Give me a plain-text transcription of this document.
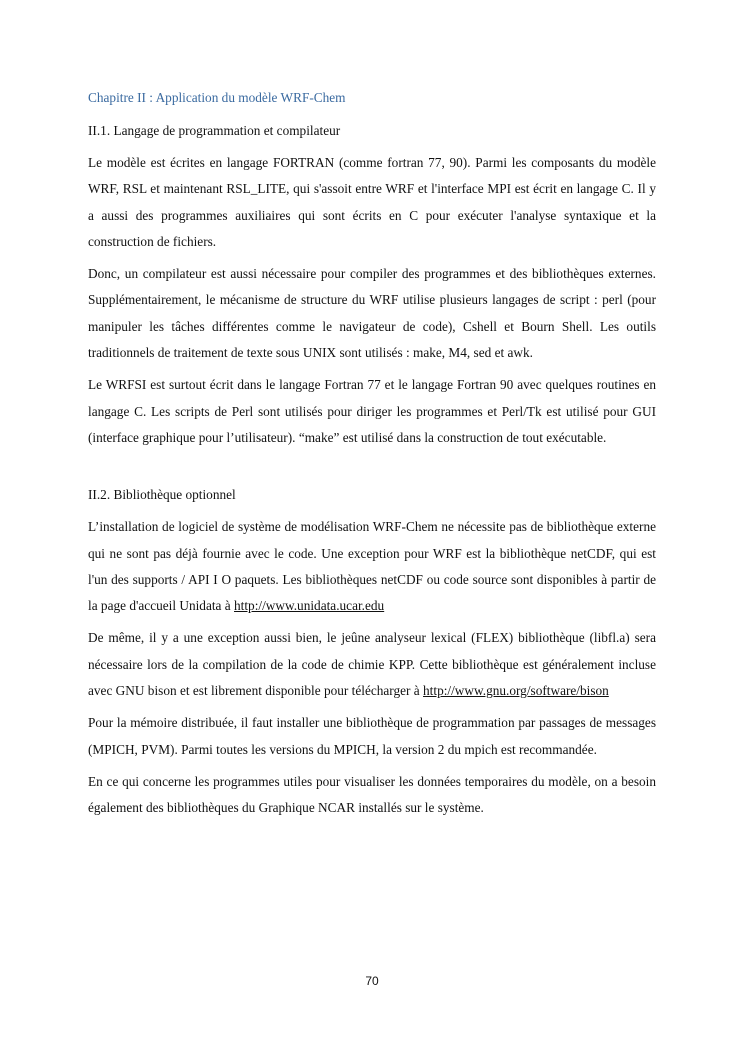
Chapitre II : Application du modèle WRF-Chem
II.1. Langage de programmation et compilateur

Le modèle est écrites en langage FORTRAN (comme fortran 77, 90). Parmi les composants du modèle WRF, RSL et maintenant RSL_LITE, qui s'assoit entre WRF et l'interface MPI est écrit en langage C. Il y a aussi des programmes auxiliaires qui sont écrits en C pour exécuter l'analyse syntaxique et la construction de fichiers.

Donc, un compilateur est aussi nécessaire pour compiler des programmes et des bibliothèques externes. Supplémentairement, le mécanisme de structure du WRF utilise plusieurs langages de script : perl (pour manipuler les tâches différentes comme le navigateur de code), Cshell et Bourn Shell. Les outils traditionnels de traitement de texte sous UNIX sont utilisés : make, M4, sed et awk.

Le WRFSI est surtout écrit dans le langage Fortran 77 et le langage Fortran 90 avec quelques routines en langage C. Les scripts de Perl sont utilisés pour diriger les programmes et Perl/Tk est utilisé pour GUI (interface graphique pour l’utilisateur). “make” est utilisé dans la construction de tout exécutable.

II.2. Bibliothèque optionnel

L’installation de logiciel de système de modélisation WRF-Chem ne nécessite pas de bibliothèque externe qui ne sont pas déjà fournie avec le code. Une exception pour WRF est la bibliothèque netCDF, qui est l'un des supports / API I O paquets. Les bibliothèques netCDF ou code source sont disponibles à partir de la page d'accueil Unidata à http://www.unidata.ucar.edu

De même, il y a une exception aussi bien, le jeûne analyseur lexical (FLEX) bibliothèque (libfl.a) sera nécessaire lors de la compilation de la code de chimie KPP. Cette bibliothèque est généralement incluse avec GNU bison et est librement disponible pour télécharger à http://www.gnu.org/software/bison

Pour la mémoire distribuée, il faut installer une bibliothèque de programmation par passages de messages (MPICH, PVM). Parmi toutes les versions du MPICH, la version 2 du mpich est recommandée.

En ce qui concerne les programmes utiles pour visualiser les données temporaires du modèle, on a besoin également des bibliothèques du Graphique NCAR installés sur le système.

70
